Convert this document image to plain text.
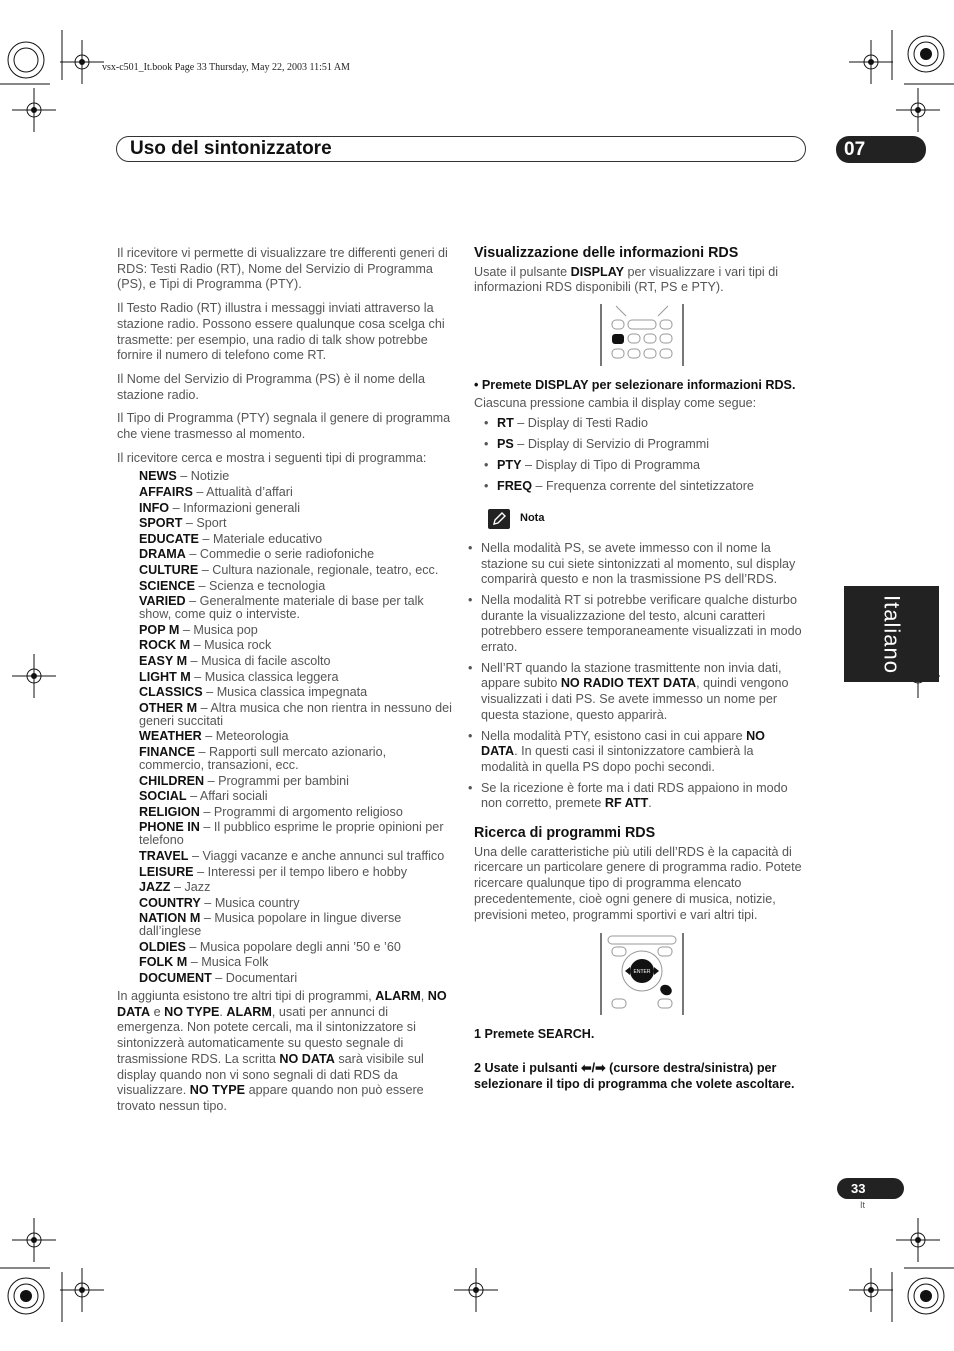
vsx-c501_It.book Page 33 Thursday, May 22, 2003 11:51 AM
Uso del sintonizzatore	07
Italiano

Il ricevitore vi permette di visualizzare tre differenti generi di RDS: Testi Radio (RT), Nome del Servizio di Programma (PS), e Tipi di Programma (PTY).

Il Testo Radio (RT) illustra i messaggi inviati attraverso la stazione radio. Possono essere qualunque cosa scelga chi trasmette: per esempio, una radio di talk show potrebbe fornire il numero di telefono come RT.

Il Nome del Servizio di Programma (PS) è il nome della stazione radio.

Il Tipo di Programma (PTY) segnala il genere di programma che viene trasmesso al momento.

Il ricevitore cerca e mostra i seguenti tipi di programma:

NEWS – Notizie
AFFAIRS – Attualità d’affari
INFO – Informazioni generali
SPORT – Sport
EDUCATE – Materiale educativo
DRAMA – Commedie o serie radiofoniche
CULTURE – Cultura nazionale, regionale, teatro, ecc.
SCIENCE – Scienza e tecnologia
VARIED – Generalmente materiale di base per talk show, come quiz o interviste.
POP M – Musica pop
ROCK M – Musica rock
EASY M – Musica di facile ascolto
LIGHT M – Musica classica leggera
CLASSICS – Musica classica impegnata
OTHER M – Altra musica che non rientra in nessuno dei generi succitati
WEATHER – Meteorologia
FINANCE – Rapporti sull mercato azionario, commercio, transazioni, ecc.
CHILDREN – Programmi per bambini
SOCIAL – Affari sociali
RELIGION – Programmi di argomento religioso
PHONE IN – Il pubblico esprime le proprie opinioni per telefono
TRAVEL – Viaggi vacanze e anche annunci sul traffico
LEISURE – Interessi per il tempo libero e hobby
JAZZ – Jazz
COUNTRY – Musica country
NATION M – Musica popolare in lingue diverse dall’inglese
OLDIES – Musica popolare degli anni ’50 e ’60
FOLK M – Musica Folk
DOCUMENT – Documentari

In aggiunta esistono tre altri tipi di programmi, ALARM, NO DATA e NO TYPE. ALARM, usati per annunci di emergenza. Non potete cercali, ma il sintonizzatore si sintonizzerà automaticamente su questo segnale di trasmissione RDS. La scritta NO DATA sarà visibile sul display quando non vi sono segnali di dati RDS da visualizzare. NO TYPE appare quando non può essere trovato nessun tipo.

Visualizzazione delle informazioni RDS

Usate il pulsante DISPLAY per visualizzare i vari tipi di informazioni RDS disponibili (RT, PS e PTY).

• Premete DISPLAY per selezionare informazioni RDS.

Ciascuna pressione cambia il display come segue:

• RT – Display di Testi Radio
• PS – Display di Servizio di Programmi
• PTY – Display di Tipo di Programma
• FREQ – Frequenza corrente del sintetizzatore
Nota
• Nella modalità PS, se avete immesso con il nome la stazione su cui siete sintonizzati al momento, sul display comparirà questo e non la trasmissione PS dell’RDS.
• Nella modalità RT si potrebbe verificare qualche disturbo durante la visualizzazione del testo, alcuni caratteri potrebbero essere temporaneamente visualizzati in modo errato.
• Nell’RT quando la stazione trasmittente non invia dati, appare subito NO RADIO TEXT DATA, quindi vengono visualizzati i dati PS. Se avete immesso un nome per questa stazione, questo apparirà.
• Nella modalità PTY, esistono casi in cui appare NO DATA. In questi casi il sintonizzatore cambierà la modalità in quella PS dopo pochi secondi.
• Se la ricezione è forte ma i dati RDS appaiono in modo non corretto, premete RF ATT.
Ricerca di programmi RDS

Una delle caratteristiche più utili dell’RDS è la capacità di ricercare un particolare genere di programma radio. Potete ricercare qualunque tipo di programma elencato precedentemente, cioè ogni genere di musica, notizie, previsioni meteo, programmi sportivi e vari altri tipi.

ENTER
1 Premete SEARCH.
2 Usate i pulsanti ⬅/➡ (cursore destra/sinistra) per selezionare il tipo di programma che volete ascoltare.
33
It
